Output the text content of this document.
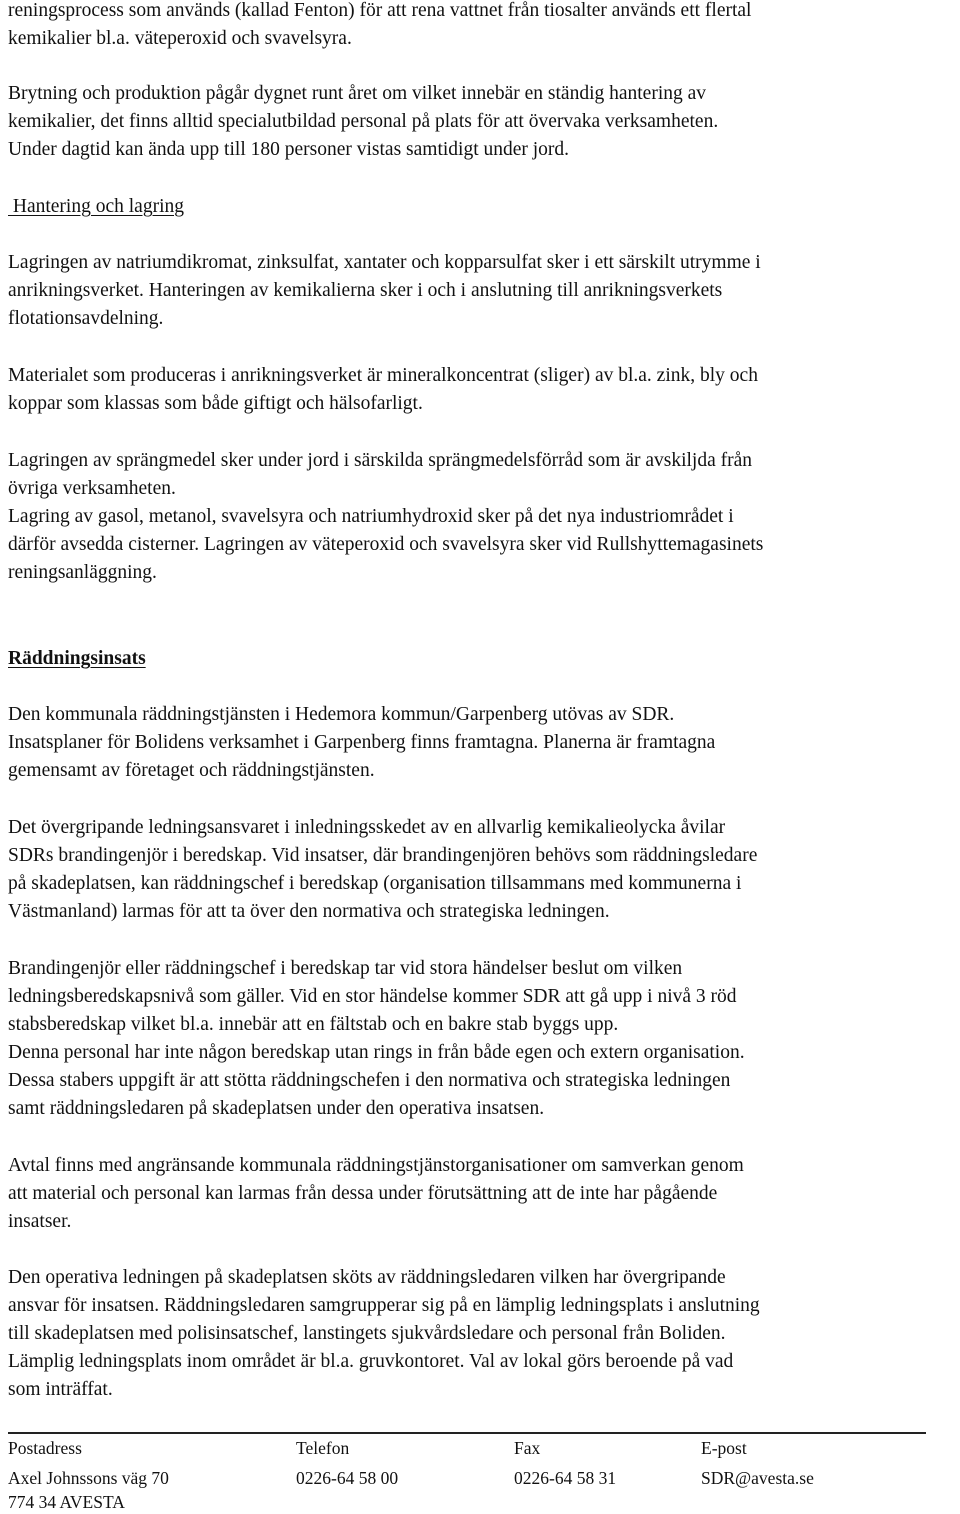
reningsprocess som används (kallad Fenton) för att rena vattnet från tiosalter används ett flertal
kemikalier bl.a. väteperoxid och svavelsyra.
Brytning och produktion pågår dygnet runt året om vilket innebär en ständig hantering av
kemikalier, det finns alltid specialutbildad personal på plats för att övervaka verksamheten.
Under dagtid kan ända upp till 180 personer vistas samtidigt under jord.
Hantering och lagring
Lagringen av natriumdikromat, zinksulfat, xantater och kopparsulfat sker i ett särskilt utrymme i
anrikningsverket. Hanteringen av kemikalierna sker i och i anslutning till anrikningsverkets
flotationsavdelning.
Materialet som produceras i anrikningsverket är mineralkoncentrat (sliger) av bl.a. zink, bly och
koppar som klassas som både giftigt och hälsofarligt.
Lagringen av sprängmedel sker under jord i särskilda sprängmedelsförråd som är avskiljda från
övriga verksamheten.
Lagring av gasol, metanol, svavelsyra och natriumhydroxid sker på det nya industriområdet i
därför avsedda cisterner. Lagringen av väteperoxid och svavelsyra sker vid Rullshyttemagasinets
reningsanläggning.
Räddningsinsats
Den kommunala räddningstjänsten i Hedemora kommun/Garpenberg utövas av SDR.
Insatsplaner för Bolidens verksamhet i Garpenberg finns framtagna. Planerna är framtagna
gemensamt av företaget och räddningstjänsten.
Det övergripande ledningsansvaret i inledningsskedet av en allvarlig kemikalieolycka åvilar
SDRs brandingenjör i beredskap. Vid insatser, där brandingenjören behövs som räddningsledare
på skadeplatsen, kan räddningschef i beredskap (organisation tillsammans med kommunerna i
Västmanland) larmas för att ta över den normativa och strategiska ledningen.
Brandingenjör eller räddningschef i beredskap tar vid stora händelser beslut om vilken
ledningsberedskapsnivå som gäller. Vid en stor händelse kommer SDR att gå upp i nivå 3 röd
stabsberedskap vilket bl.a. innebär att en fältstab och en bakre stab byggs upp.
Denna personal har inte någon beredskap utan rings in från både egen och extern organisation.
Dessa stabers uppgift är att stötta räddningschefen i den normativa och strategiska ledningen
samt räddningsledaren på skadeplatsen under den operativa insatsen.
Avtal finns med angränsande kommunala räddningstjänstorganisationer om samverkan genom
att material och personal kan larmas från dessa under förutsättning att de inte har pågående
insatser.
Den operativa ledningen på skadeplatsen sköts av räddningsledaren vilken har övergripande
ansvar för insatsen. Räddningsledaren samgrupperar sig på en lämplig ledningsplats i anslutning
till skadeplatsen med polisinsatschef, lanstingets sjukvårdsledare och personal från Boliden.
Lämplig ledningsplats inom området är bl.a. gruvkontoret. Val av lokal görs beroende på vad
som inträffat.
Postadress
Axel Johnssons väg 70
774 34 AVESTA
Telefon
0226-64 58 00
Fax
0226-64 58 31
E-post
SDR@avesta.se
